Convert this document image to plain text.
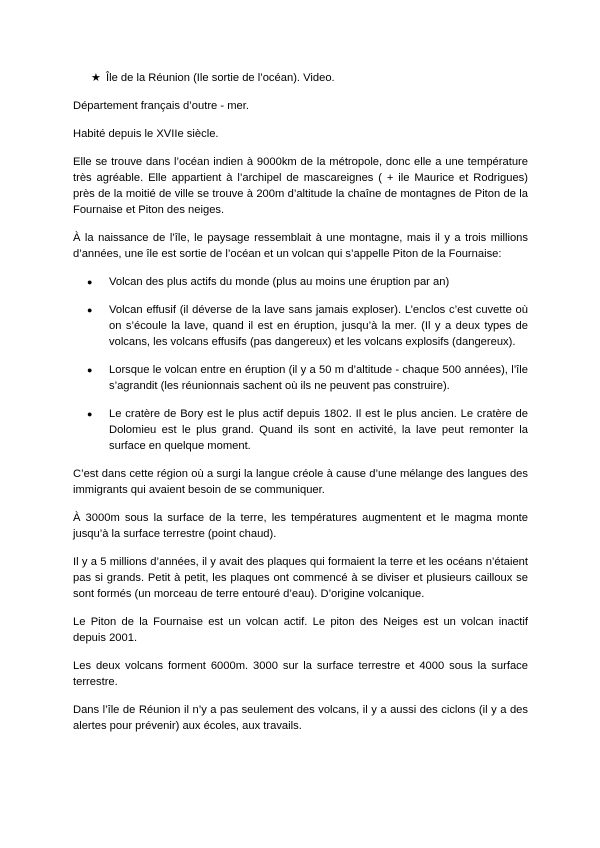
★ Île de la Réunion (Ile sortie de l’océan). Video.

Département français d’outre - mer.

Habité depuis le XVIIe siècle.

Elle se trouve dans l’océan indien à 9000km de la métropole, donc elle a une température très agréable. Elle appartient à l’archipel de mascareignes ( + ile Maurice et Rodrigues) près de la moitié de ville se trouve à 200m d’altitude la chaîne de montagnes de Piton de la Fournaise et Piton des neiges.

À la naissance de l’île, le paysage ressemblait à une montagne, mais il y a trois millions d’années, une île est sortie de l’océan et un volcan qui s’appelle Piton de la Fournaise:

●	Volcan des plus actifs du monde (plus au moins une éruption par an)
●	Volcan effusif (il déverse de la lave sans jamais exploser). L’enclos c’est cuvette où on s’écoule la lave, quand il est en éruption, jusqu’à la mer. (Il y a deux types de volcans, les volcans effusifs (pas dangereux) et les volcans explosifs (dangereux).
●	Lorsque le volcan entre en éruption (il y a 50 m d’altitude - chaque 500 années), l’île s’agrandit (les réunionnais sachent où ils ne peuvent pas construire).
●	Le cratère de Bory est le plus actif depuis 1802. Il est le plus ancien. Le cratère de Dolomieu est le plus grand. Quand ils sont en activité, la lave peut remonter la surface en quelque moment.

C’est dans cette région où a surgi la langue créole à cause d’une mélange des langues des immigrants qui avaient besoin de se communiquer.

À 3000m sous la surface de la terre, les températures augmentent et le magma monte jusqu’à la surface terrestre (point chaud).

Il y a 5 millions d’années, il y avait des plaques qui formaient la terre et les océans n’étaient pas si grands. Petit à petit, les plaques ont commencé à se diviser et plusieurs cailloux se sont formés (un morceau de terre entouré d’eau). D’origine volcanique.

Le Piton de la Fournaise est un volcan actif. Le piton des Neiges est un volcan inactif depuis 2001.

Les deux volcans forment 6000m. 3000 sur la surface terrestre et 4000 sous la surface terrestre.

Dans l’île de Réunion il n’y a pas seulement des volcans, il y a aussi des ciclons (il y a des alertes pour prévenir) aux écoles, aux travails.
